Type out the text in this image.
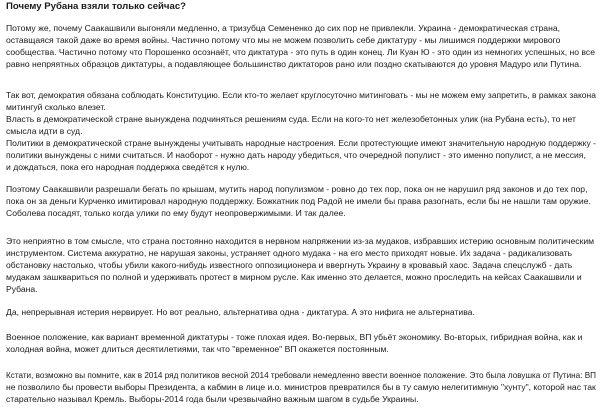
Почему Рубана взяли только сейчас?
Потому же, почему Саакашвили выгоняли медленно, а тризубца Семененко до сих пор не привлекли. Украина - демократическая страна,
оставщаяся такой даже во время войны. Частично потому что мы не можем позволить себе диктатуру - мы лишимся поддержки мирового
сообщества. Частично потому что Порошенко осознаёт, что диктатура - это путь в один конец. Ли Куан Ю - это один из немногих успешных, но все
равно непряятных образцов диктатуры, а подавляющее большинство диктаторов рано или поздно скатываются до уровня Мадуро или Путина.
Так вот, демократия обязана соблюдать Конституцию. Если кто-то желает круглосуточно митинговать - мы не можем ему запретить, в рамках закона
митингуй сколько влезет.
Власть в демократической стране вынуждена подчиняться решениям суда. Если на кого-то нет железобетонных улик (на Рубана есть), то нет
смысла идти в суд.
Политики в демократической стране вынуждены учитывать народные настроения. Если протестующие имеют значительную народную поддержку -
политики вынуждены с ними считаться. И наоборот - нужно дать народу убедиться, что очередной популист - это именно популист, а не мессия,
и дождаться, пока его народная поддержка сведётся к нулю.
Поэтому Саакашвили разрешали бегать по крышам, мутить народ популизмом - ровно до тех пор, пока он не нарушил ряд законов и до тех пор,
пока он за деньги Курченко имитировал народную поддержку. Божкатник под Радой не имели бы права разогнать, если бы не нашли там оружие.
Соболева посадят, только когда улики по ему будут неопровержимыми. И так далее.
Это неприятно в том смысле, что страна постоянно находится в нервном напряжении из-за мудаков, избравших истерию основным политическим
инструментом. Система аккуратно, не нарушая законы, устраняет одного мудака - на его место приходят новые. Их задача - радикализовать
обстановку настолько, чтобы убили какого-нибудь известного оппозиционера и ввергнуть Украину в кровавый хаос. Задача спецслужб - дать
мудакам зашквариться по полной и удерживать протест в мирном русле. Как именно это делается, можно проследить на кейсах Саакашвили и
Рубана.
Да, непрерывная истерия нервирует. Но вот реально, альтернатива одна - диктатура. А это нифига не альтернатива.
Военное положение, как вариант временной диктатуры - тоже плохая идея. Во-первых, ВП убьёт экономику. Во-вторых, гибридная война, как и
холодная война, может длиться десятилетиями, так что "временное" ВП окажется постоянным.
Кстати, возможно вы помните, как в 2014 ряд политиков весной 2014 требовали немедленно ввести военное положение. Это была ловушка от Путина: ВП
не позволило бы провести выборы Президента, а кабмин в лице и.о. министров превратился бы в ту самую нелегитимную "хунту", которой нас так
старательно называл Кремль. Выборы-2014 года были чрезвычайно важным шагом в судьбе Украины.
